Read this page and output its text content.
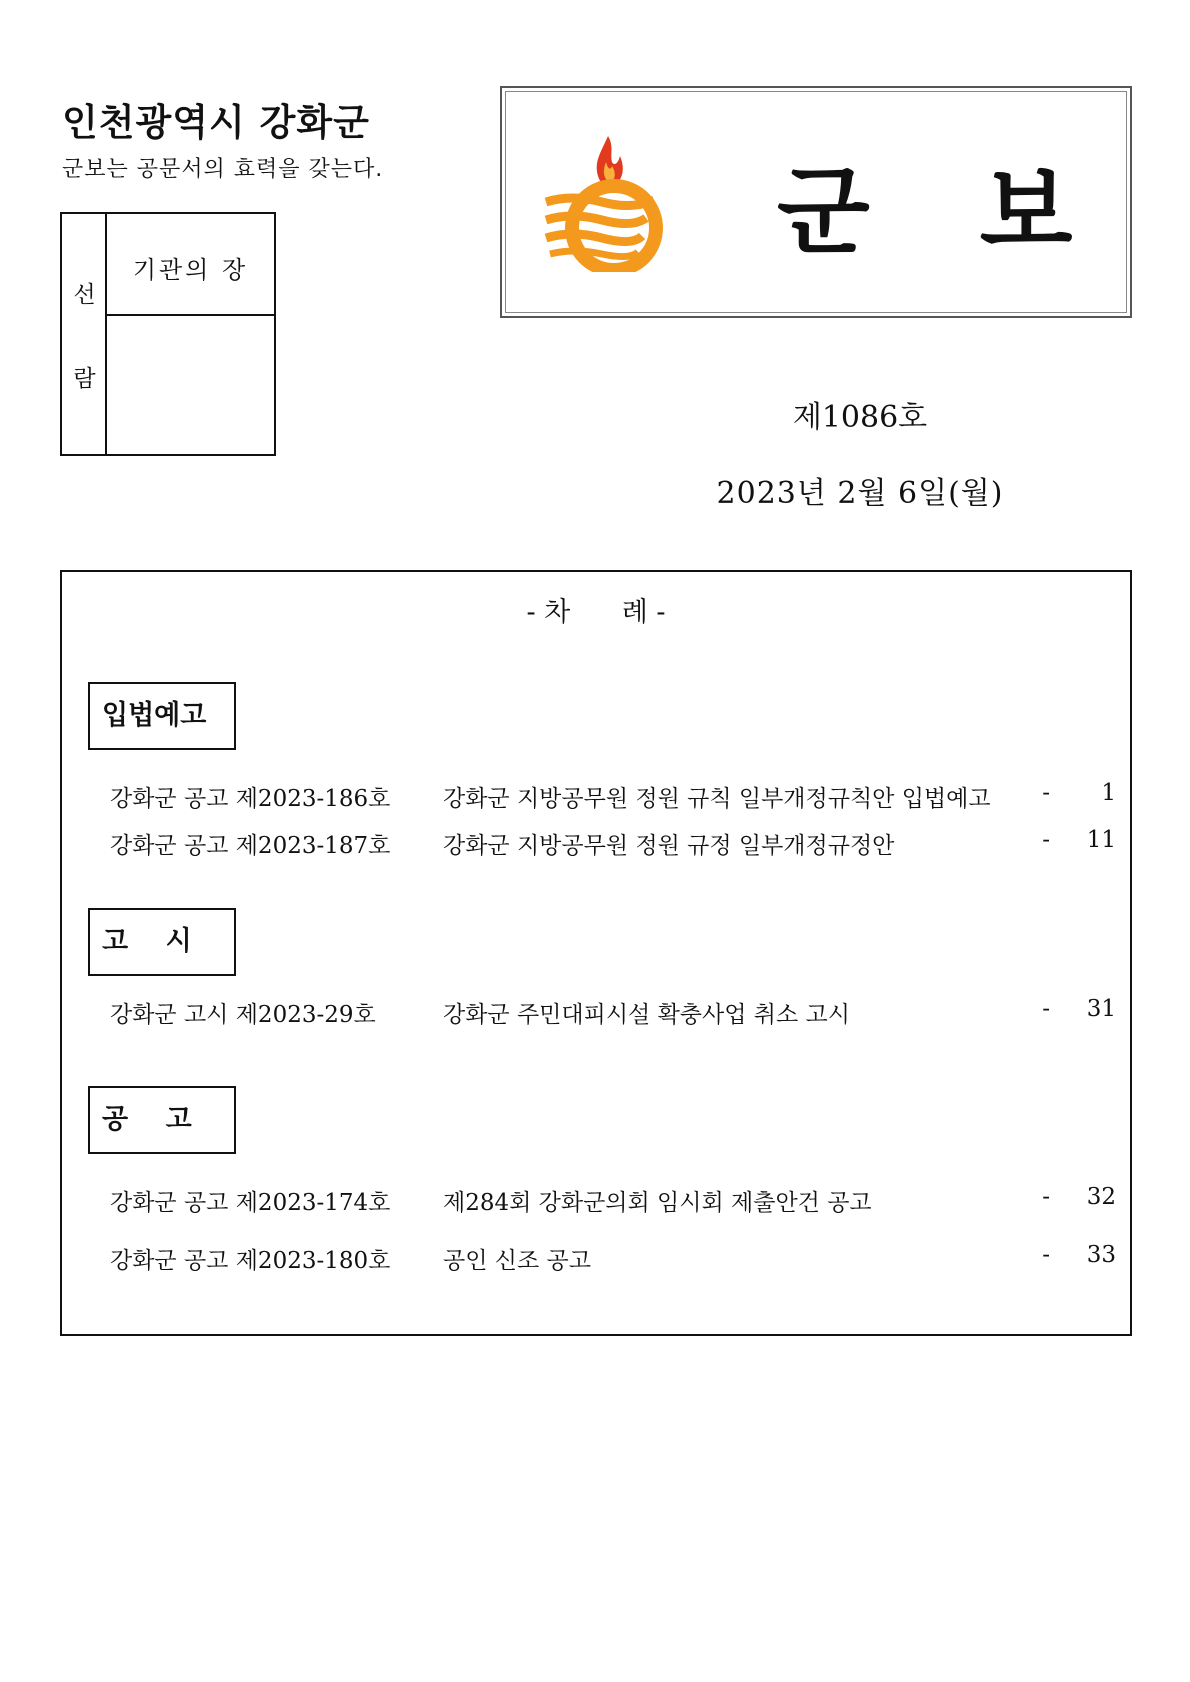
인천광역시 강화군
군보는 공문서의 효력을 갖는다.
선
람
기관의 장
군보
제1086호
2023년 2월 6일(월)
- 차      례 -
입법예고
강화군 공고 제2023-186호 강화군 지방공무원 정원 규칙 일부개정규칙안 입법예고 -	1
강화군 공고 제2023-187호 강화군 지방공무원 정원 규정 일부개정규정안	-	11
고    시
강화군 고시 제2023-29호	강화군 주민대피시설 확충사업 취소 고시	-	31
공    고
강화군 공고 제2023-174호 제284회 강화군의회 임시회 제출안건 공고	-	32
강화군 공고 제2023-180호 공인 신조 공고	-	33
